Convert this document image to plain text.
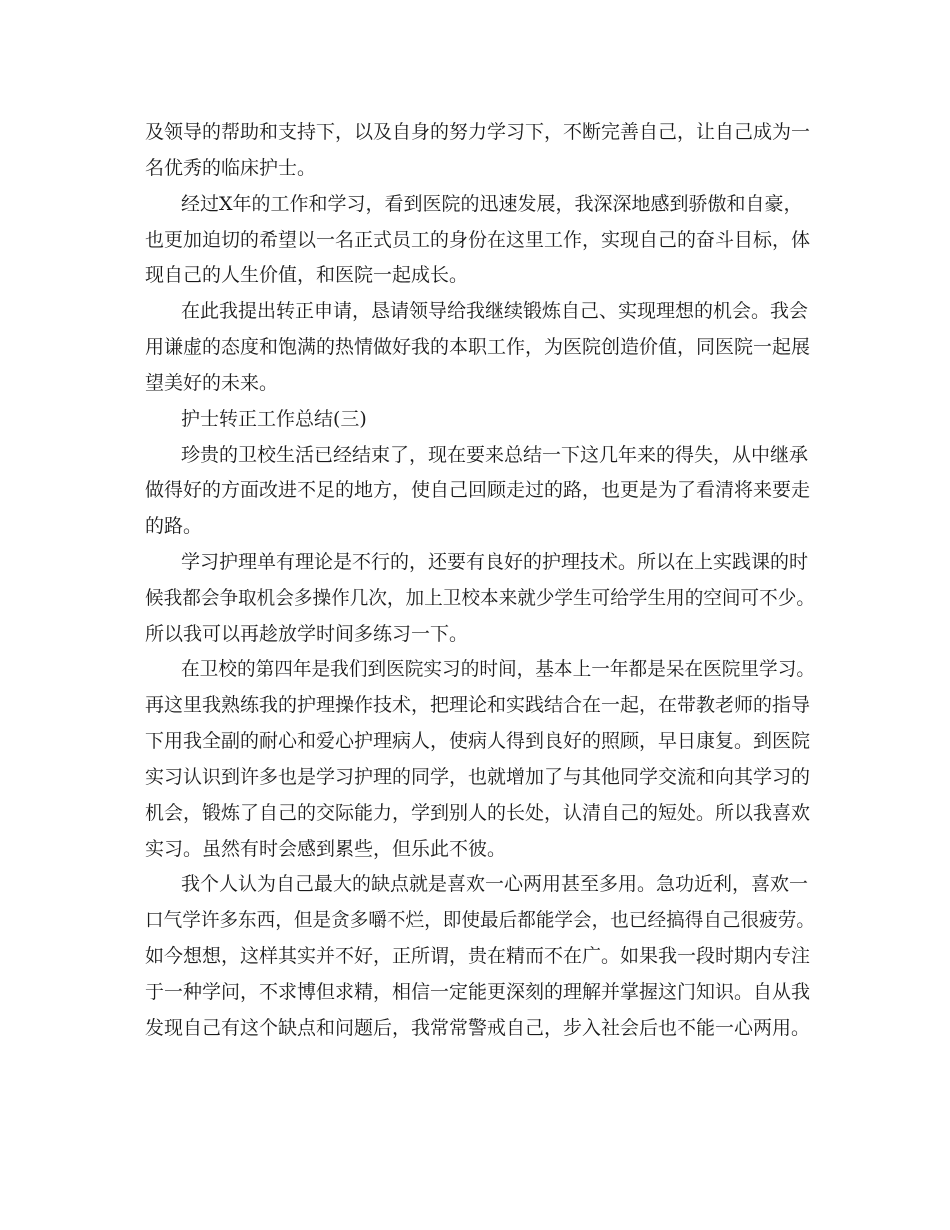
及领导的帮助和支持下，以及自身的努力学习下，不断完善自己，让自己成为一
名优秀的临床护士。
经过X年的工作和学习，看到医院的迅速发展，我深深地感到骄傲和自豪，
也更加迫切的希望以一名正式员工的身份在这里工作，实现自己的奋斗目标，体
现自己的人生价值，和医院一起成长。
在此我提出转正申请，恳请领导给我继续锻炼自己、实现理想的机会。我会
用谦虚的态度和饱满的热情做好我的本职工作，为医院创造价值，同医院一起展
望美好的未来。
护士转正工作总结(三)
珍贵的卫校生活已经结束了，现在要来总结一下这几年来的得失，从中继承
做得好的方面改进不足的地方，使自己回顾走过的路，也更是为了看清将来要走
的路。
学习护理单有理论是不行的，还要有良好的护理技术。所以在上实践课的时
候我都会争取机会多操作几次，加上卫校本来就少学生可给学生用的空间可不少。
所以我可以再趁放学时间多练习一下。
在卫校的第四年是我们到医院实习的时间，基本上一年都是呆在医院里学习。
再这里我熟练我的护理操作技术，把理论和实践结合在一起，在带教老师的指导
下用我全副的耐心和爱心护理病人，使病人得到良好的照顾，早日康复。到医院
实习认识到许多也是学习护理的同学，也就增加了与其他同学交流和向其学习的
机会，锻炼了自己的交际能力，学到别人的长处，认清自己的短处。所以我喜欢
实习。虽然有时会感到累些，但乐此不彼。
我个人认为自己最大的缺点就是喜欢一心两用甚至多用。急功近利，喜欢一
口气学许多东西，但是贪多嚼不烂，即使最后都能学会，也已经搞得自己很疲劳。
如今想想，这样其实并不好，正所谓，贵在精而不在广。如果我一段时期内专注
于一种学问，不求博但求精，相信一定能更深刻的理解并掌握这门知识。自从我
发现自己有这个缺点和问题后，我常常警戒自己，步入社会后也不能一心两用。
